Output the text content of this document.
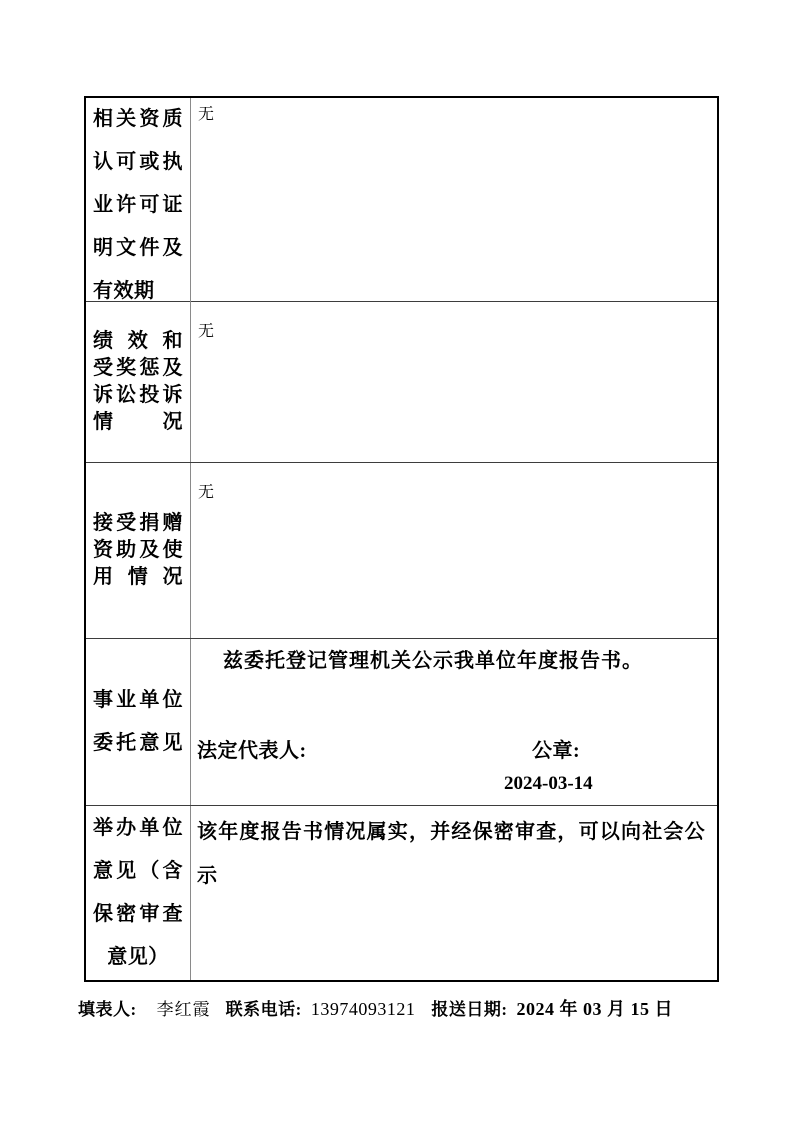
相关资质
认可或执
业许可证
明文件及
有效期
无
绩效和
受奖惩及
诉讼投诉
情况
无
接受捐赠
资助及使
用情况
无
事业单位
委托意见
兹委托登记管理机关公示我单位年度报告书。
法定代表人:	公章:
2024-03-14
举办单位
意见（含
保密审查
意见）
该年度报告书情况属实，并经保密审查，可以向社会公
示
填表人: 李红霞 联系电话: 13974093121 报送日期: 2024 年 03 月 15 日
